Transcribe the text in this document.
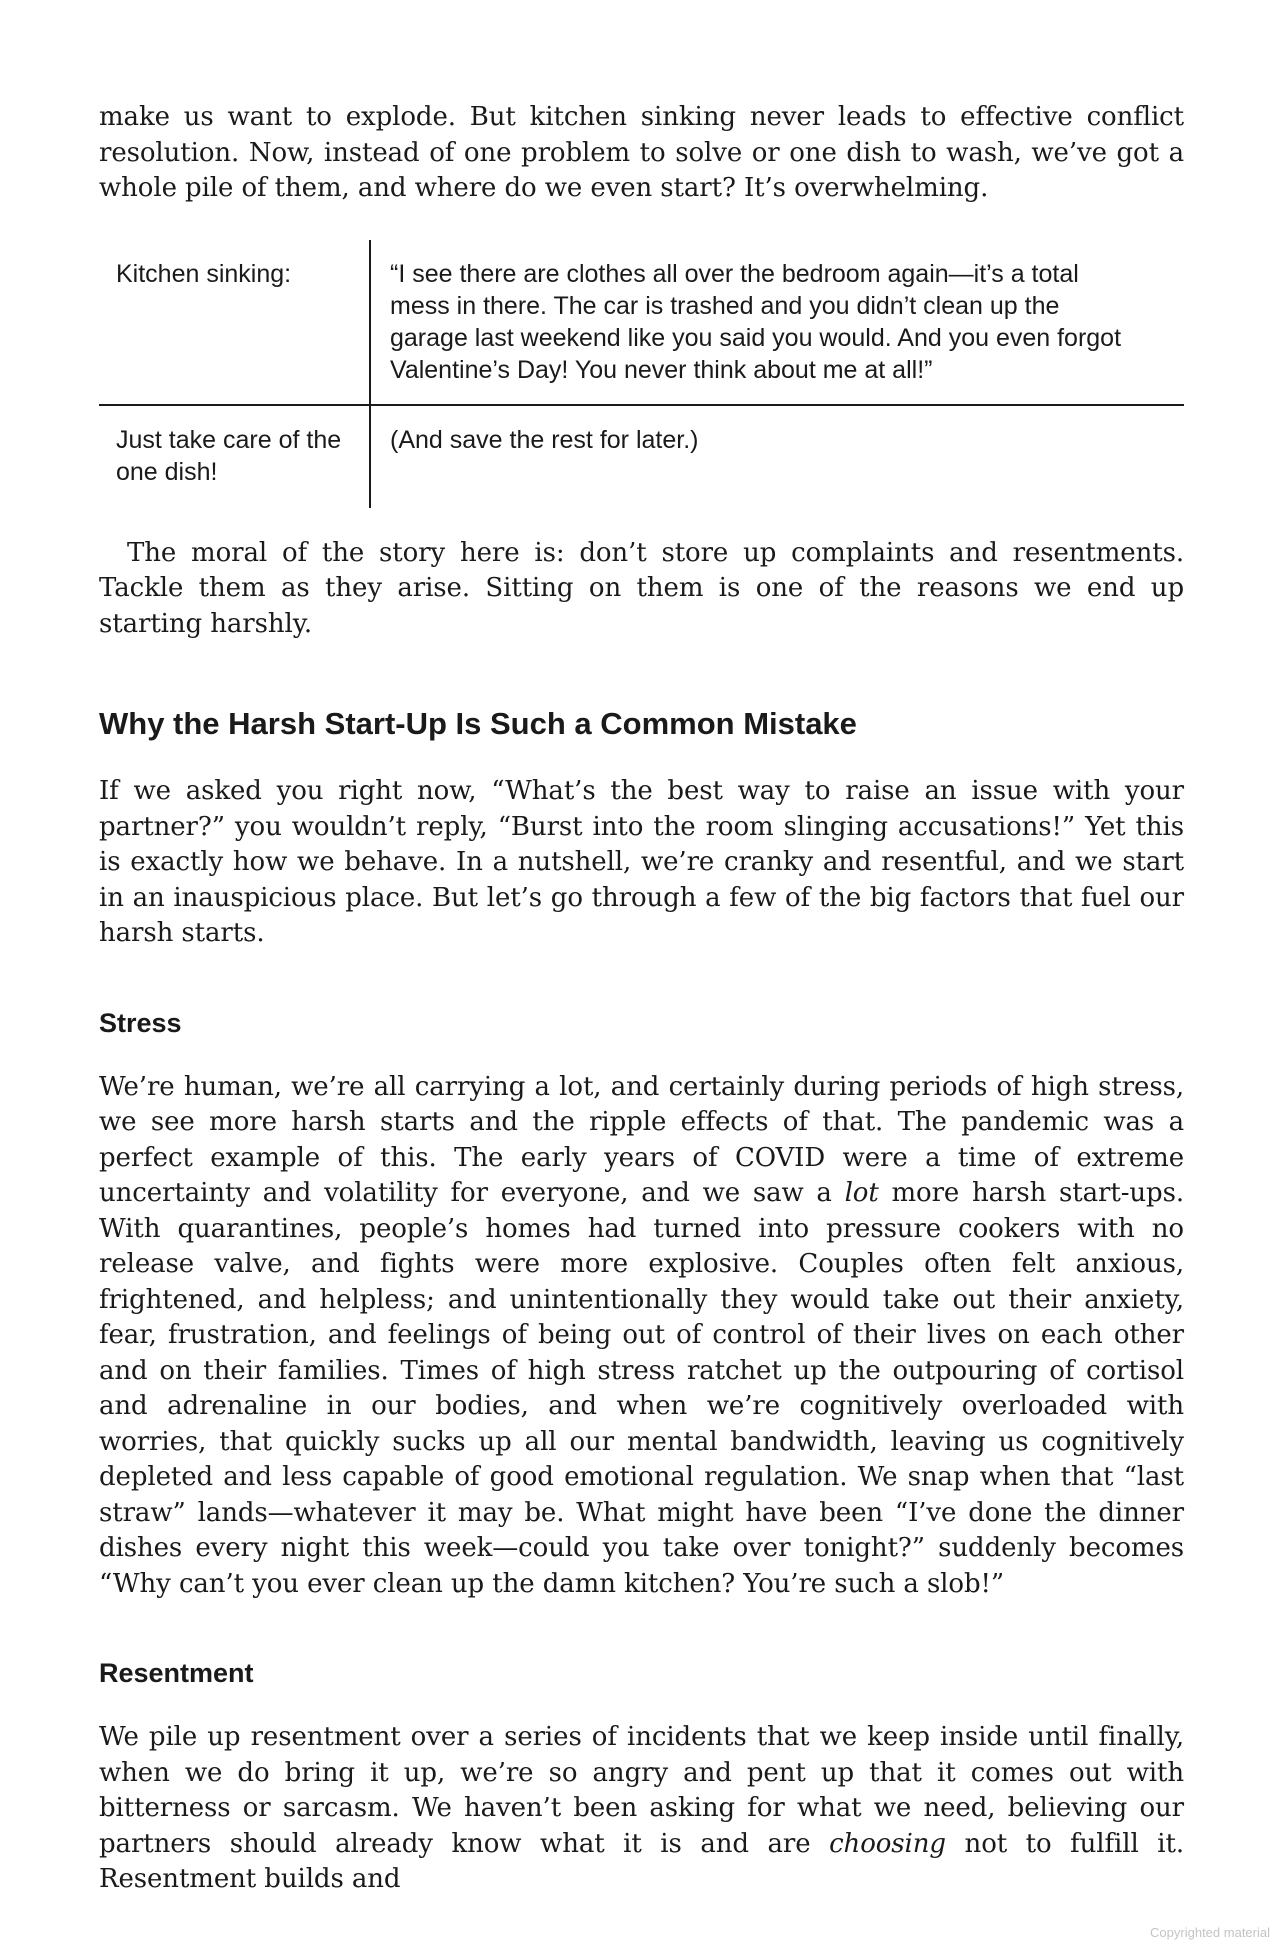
make us want to explode. But kitchen sinking never leads to effective conflict resolution. Now, instead of one problem to solve or one dish to wash, we’ve got a whole pile of them, and where do we even start? It’s overwhelming.

Kitchen sinking:	“I see there are clothes all over the bedroom again—it’s a total mess in there. The car is trashed and you didn’t clean up the garage last weekend like you said you would. And you even forgot Valentine’s Day! You never think about me at all!”
Just take care of the one dish!
(And save the rest for later.)

The moral of the story here is: don’t store up complaints and resentments. Tackle them as they arise. Sitting on them is one of the reasons we end up starting harshly.

Why the Harsh Start-Up Is Such a Common Mistake

If we asked you right now, “What’s the best way to raise an issue with your partner?” you wouldn’t reply, “Burst into the room slinging accusations!” Yet this is exactly how we behave. In a nutshell, we’re cranky and resentful, and we start in an inauspicious place. But let’s go through a few of the big factors that fuel our harsh starts.

Stress

We’re human, we’re all carrying a lot, and certainly during periods of high stress, we see more harsh starts and the ripple effects of that. The pandemic was a perfect example of this. The early years of COVID were a time of extreme uncertainty and volatility for everyone, and we saw a lot more harsh start-ups. With quarantines, people’s homes had turned into pressure cookers with no release valve, and fights were more explosive. Couples often felt anxious, frightened, and helpless; and unintentionally they would take out their anxiety, fear, frustration, and feelings of being out of control of their lives on each other and on their families. Times of high stress ratchet up the outpouring of cortisol and adrenaline in our bodies, and when we’re cognitively overloaded with worries, that quickly sucks up all our mental bandwidth, leaving us cognitively depleted and less capable of good emotional regulation. We snap when that “last straw” lands—whatever it may be. What might have been “I’ve done the dinner dishes every night this week—could you take over tonight?” suddenly becomes “Why can’t you ever clean up the damn kitchen? You’re such a slob!”

Resentment

We pile up resentment over a series of incidents that we keep inside until finally, when we do bring it up, we’re so angry and pent up that it comes out with bitterness or sarcasm. We haven’t been asking for what we need, believing our partners should already know what it is and are choosing not to fulfill it. Resentment builds and

Copyrighted material
